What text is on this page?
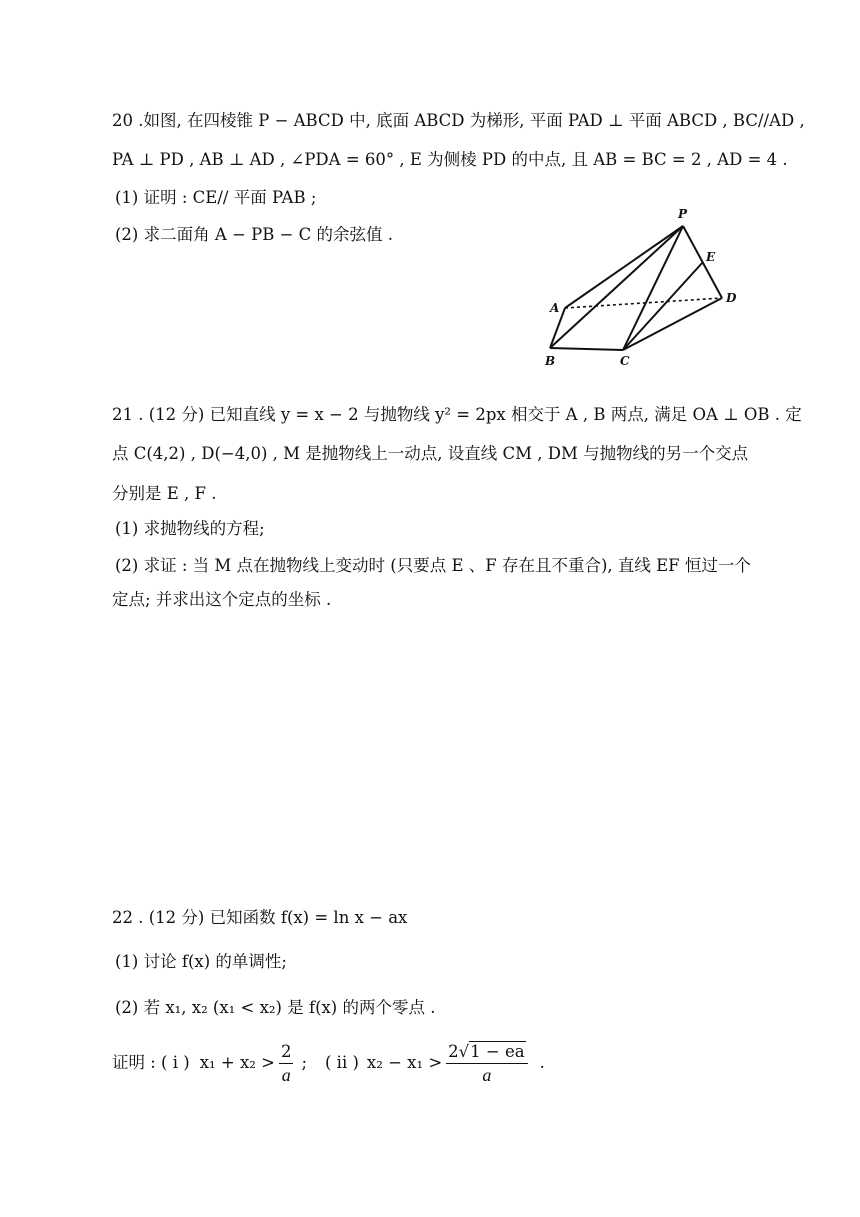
20 .如图, 在四棱锥 P − ABCD 中, 底面 ABCD 为梯形, 平面 PAD ⊥ 平面 ABCD , BC//AD ,
PA ⊥ PD , AB ⊥ AD , ∠PDA = 60° , E 为侧棱 PD 的中点, 且 AB = BC = 2 , AD = 4 .
(1) 证明 : CE// 平面 PAB ;
(2) 求二面角 A − PB − C 的余弦值 .
P
E
A
D
B	C
21 . (12 分) 已知直线 y = x − 2 与抛物线 y² = 2px 相交于 A , B 两点, 满足 OA ⊥ OB . 定
点 C(4,2) , D(−4,0) , M 是抛物线上一动点, 设直线 CM , DM 与抛物线的另一个交点
分别是 E , F .
(1) 求抛物线的方程;
(2) 求证 : 当 M 点在抛物线上变动时 (只要点 E 、F 存在且不重合), 直线 EF 恒过一个
定点; 并求出这个定点的坐标 .
22 . (12 分) 已知函数 f(x) = ln x − ax
(1) 讨论 f(x) 的单调性;
(2) 若 x₁, x₂ (x₁ < x₂) 是 f(x) 的两个零点 .
证明 : ( i ) $x_1 + x_2 > \frac{2}{a}$ ; ( ii ) $x_2 - x_1 > \frac{2√1 - ea}{a}$ .
